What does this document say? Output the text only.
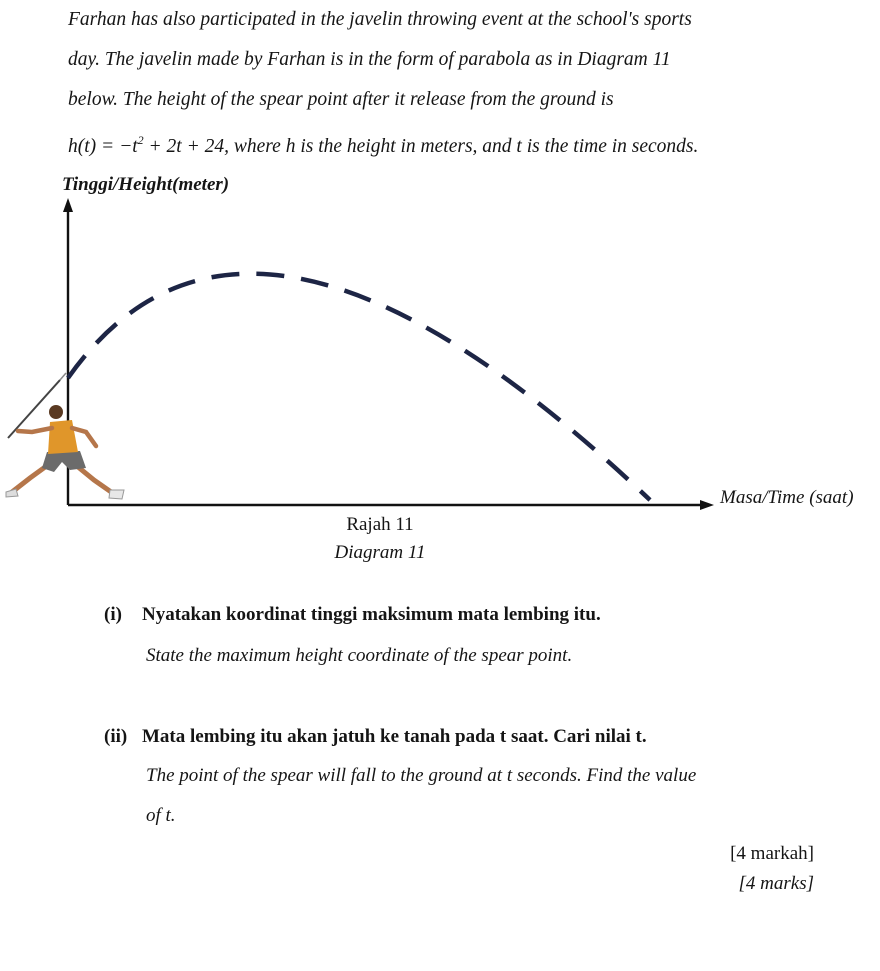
Farhan has also participated in the javelin throwing event at the school's sports
day. The javelin made by Farhan is in the form of parabola as in Diagram 11
below. The height of the spear point after it release from the ground is
$h(t) = -t^2 + 2t + 24$, where h is the height in meters, and t is the time in seconds.
Tinggi/Height(meter)
Masa/Time (saat)
Rajah 11
Diagram 11
(i) Nyatakan koordinat tinggi maksimum mata lembing itu.
State the maximum height coordinate of the spear point.
(ii) Mata lembing itu akan jatuh ke tanah pada t saat. Cari nilai t.
The point of the spear will fall to the ground at t seconds. Find the value
of t.
[4 markah]
[4 marks]
